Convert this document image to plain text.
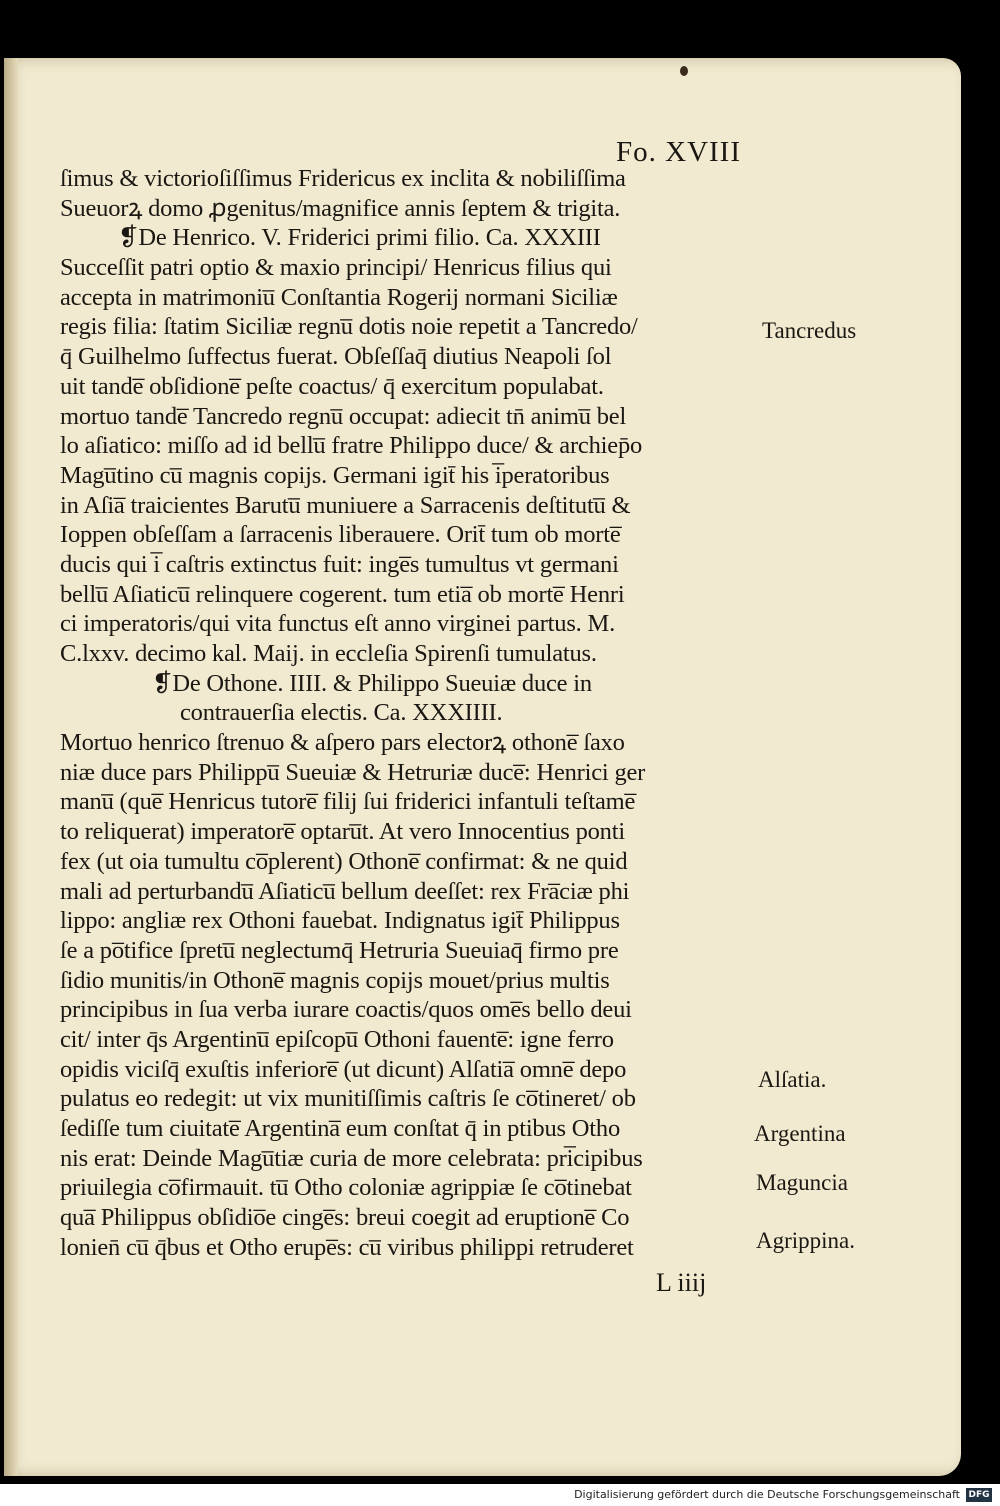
Fo. XVIII
ſimus & victorioſiſſimus Fridericus ex inclita & nobiliſſima
Sueuorꝝ domo ꝓgenitus/magnifice annis ſeptem & trigita.
❡De Henrico. V. Friderici primi filio. Ca. XXXIII
Succeſſit patri optio & maxio principi/ Henricus filius qui
accepta in matrimoniu̅ Conſtantia Rogerij normani Siciliæ
regis filia: ſtatim Siciliæ regnu̅ dotis noie repetit a Tancredo/
q̄ Guilhelmo ſuffectus fuerat. Obſeſſaq̄ diutius Neapoli ſol
uit tande̅ obſidione̅ peſte coactus/ q̄ exercitum populabat.
mortuo tande̅ Tancredo regnu̅ occupat: adiecit tn̄ animu̅ bel
lo aſiatico: miſſo ad id bellu̅ fratre Philippo duce/ & archiep̄o
Magu̅tino cu̅ magnis copijs. Germani igit̄ his i̅peratoribus
in Aſia̅ traicientes Barutu̅ muniuere a Sarracenis deſtitutu̅ &
Ioppen obſeſſam a ſarracenis liberauere. Orit̄ tum ob morte̅
ducis qui i̅ caſtris extinctus fuit: inge̅s tumultus vt germani
bellu̅ Aſiaticu̅ relinquere cogerent. tum etia̅ ob morte̅ Henri
ci imperatoris/qui vita functus eſt anno virginei partus. M.
C.lxxv. decimo kal. Maij. in eccleſia Spirenſi tumulatus.
❡De Othone. IIII. & Philippo Sueuiæ duce in
contrauerſia electis. Ca. XXXIIII.
Mortuo henrico ſtrenuo & aſpero pars electorꝝ othone̅ ſaxo
niæ duce pars Philippu̅ Sueuiæ & Hetruriæ duce̅: Henrici ger
manu̅ (que̅ Henricus tutore̅ filij ſui friderici infantuli teſtame̅
to reliquerat) imperatore̅ optaru̅t. At vero Innocentius ponti
fex (ut oia tumultu co̅plerent) Othone̅ confirmat: & ne quid
mali ad perturbandu̅ Aſiaticu̅ bellum deeſſet: rex Fra̅ciæ phi
lippo: angliæ rex Othoni fauebat. Indignatus igit̄ Philippus
ſe a po̅tifice ſpretu̅ neglectumq̄ Hetruria Sueuiaq̄ firmo pre
ſidio munitis/in Othone̅ magnis copijs mouet/prius multis
principibus in ſua verba iurare coactis/quos ome̅s bello deui
cit/ inter q̄s Argentinu̅ epiſcopu̅ Othoni fauente̅: igne ferro
opidis viciſq̄ exuſtis inferiore̅ (ut dicunt) Alſatia̅ omne̅ depo
pulatus eo redegit: ut vix munitiſſimis caſtris ſe co̅tineret/ ob
ſediſſe tum ciuitate̅ Argentina̅ eum conſtat q̄ in ptibus Otho
nis erat: Deinde Magu̅tiæ curia de more celebrata: pri̅cipibus
priuilegia co̅firmauit. tu̅ Otho coloniæ agrippiæ ſe co̅tinebat
qua̅ Philippus obſidio̅e cinge̅s: breui coegit ad eruptione̅ Co
lonien̄ cu̅ q̄bus et Otho erupe̅s: cu̅ viribus philippi retruderet
Tancredus
Alſatia.
Argentina
Maguncia
Agrippina.
L iiij
Digitalisierung gefördert durch die Deutsche Forschungsgemeinschaft DFG
